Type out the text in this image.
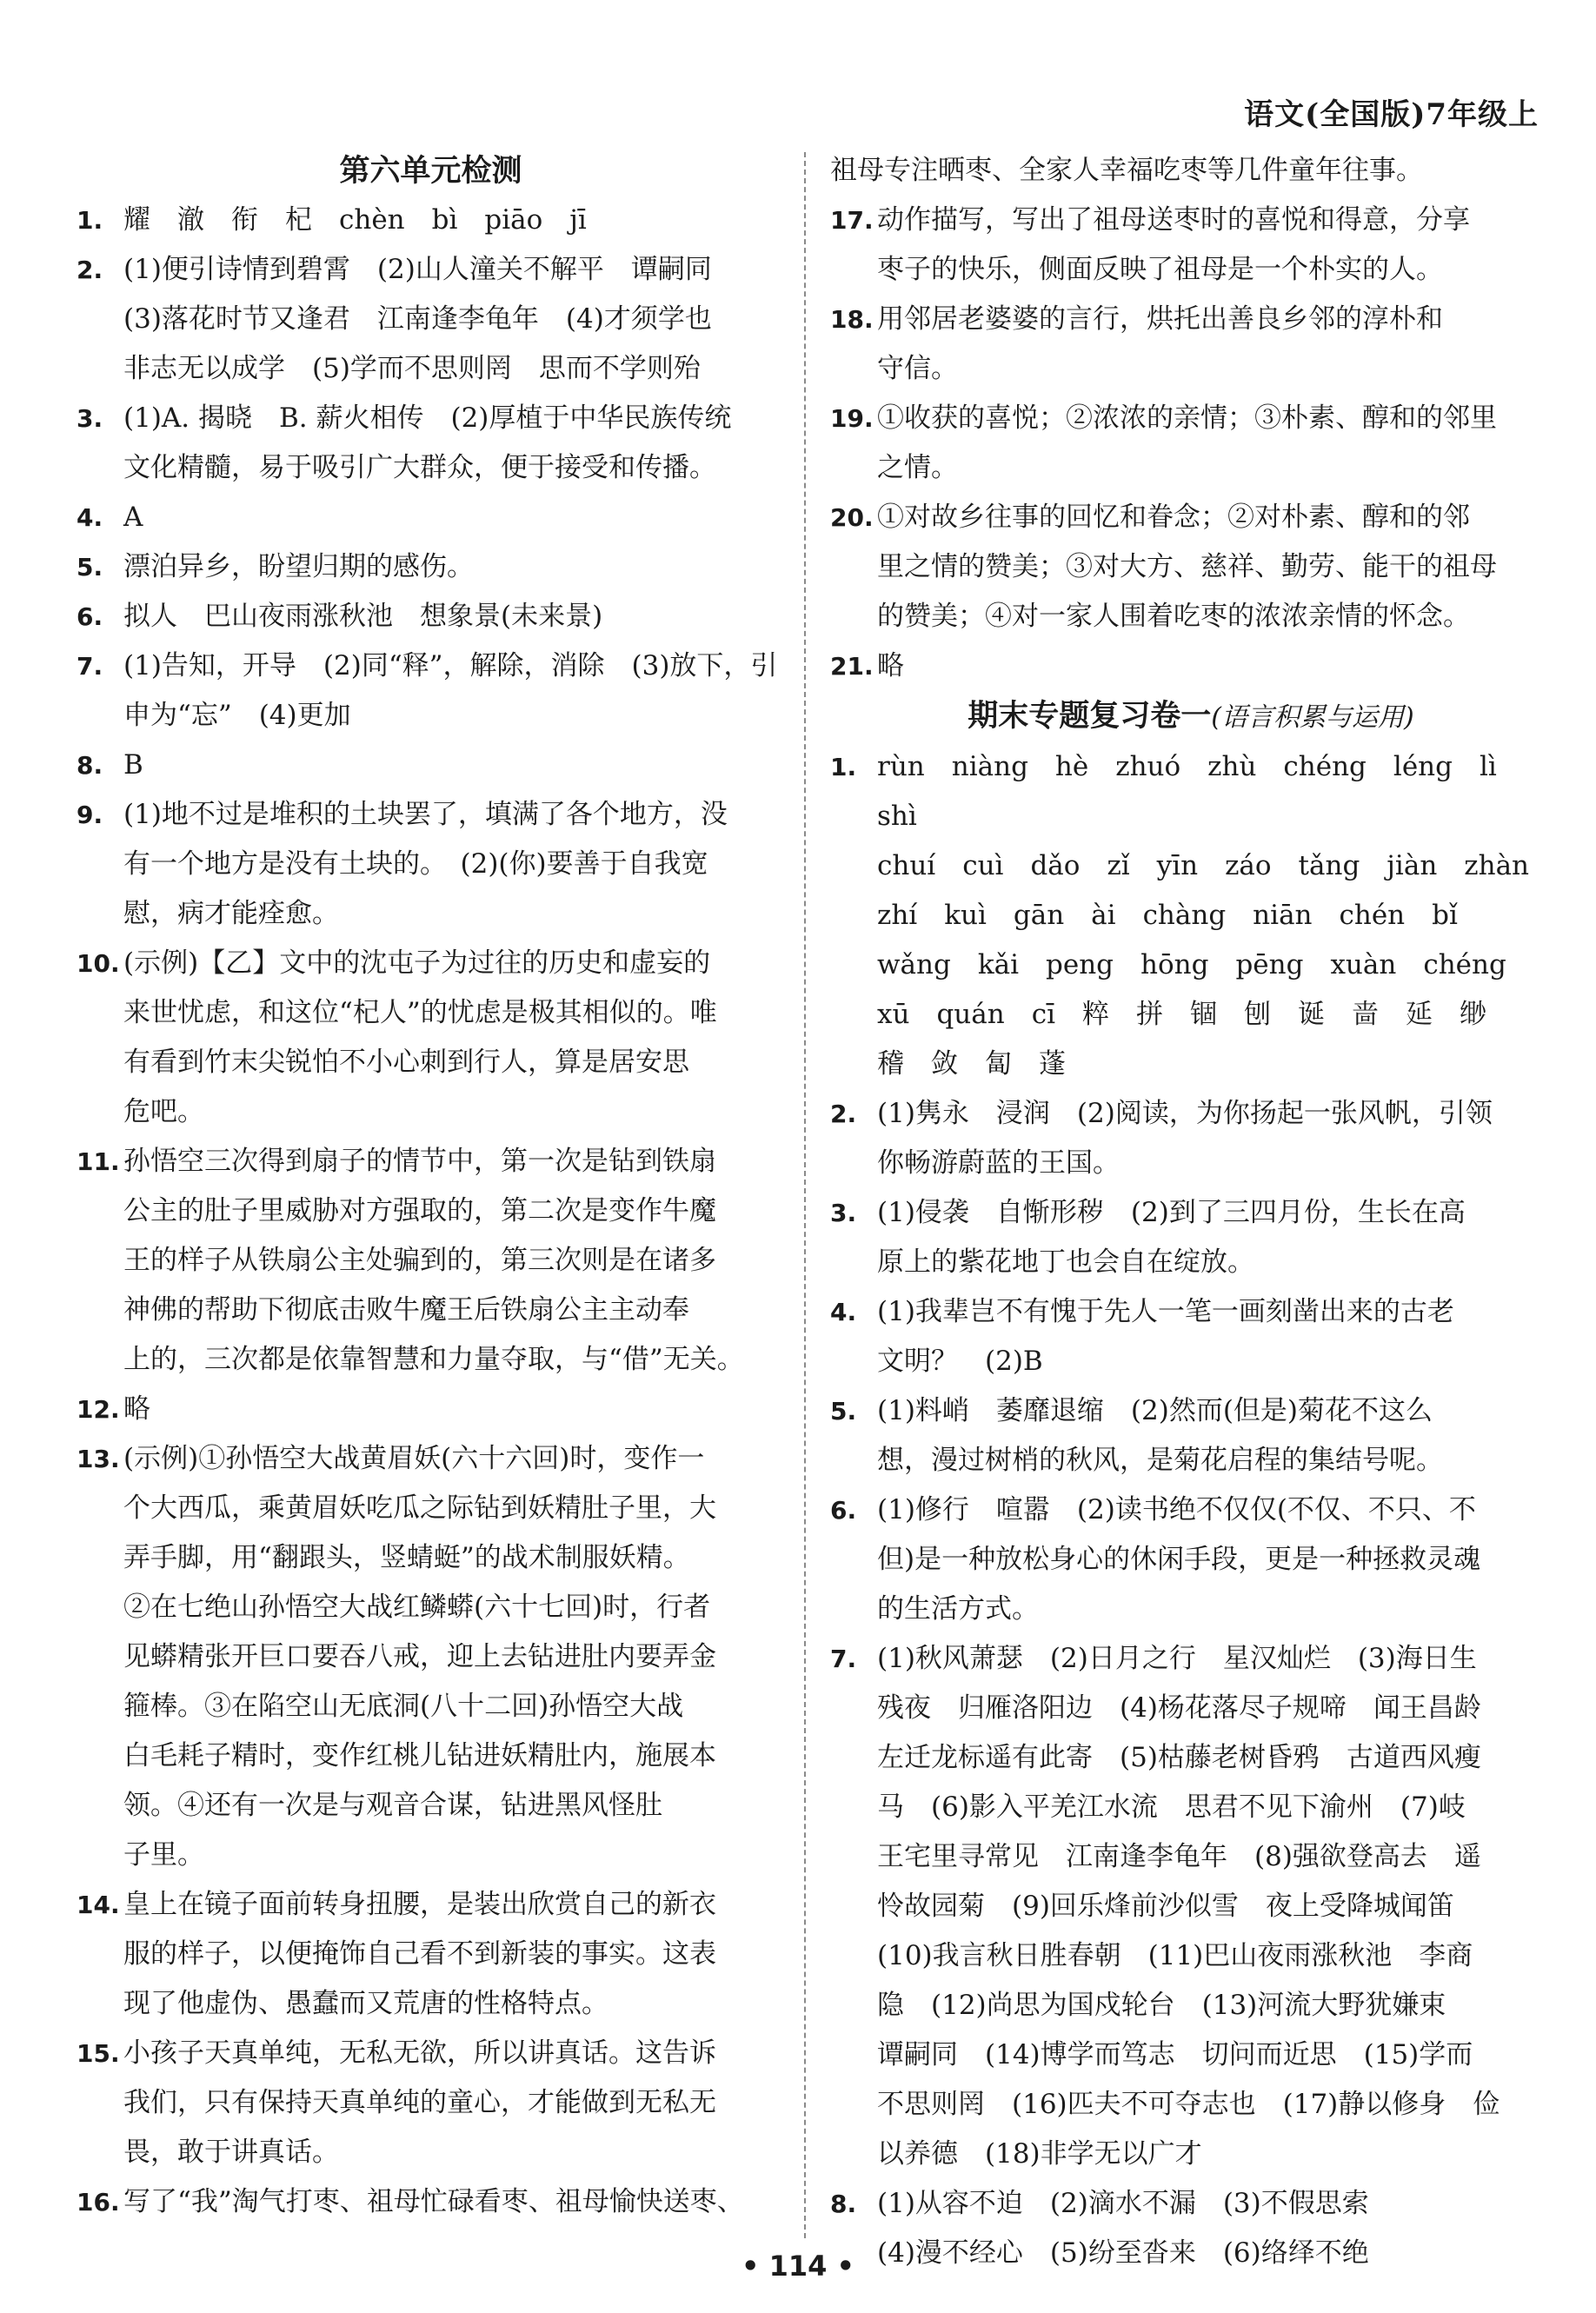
语文(全国版)7年级上
第六单元检测
1. 耀　澈　衔　杞　chèn　bì　piāo　jī
2. (1)便引诗情到碧霄　(2)山人潼关不解平　谭嗣同
(3)落花时节又逢君　江南逢李龟年　(4)才须学也
非志无以成学　(5)学而不思则罔　思而不学则殆
3. (1)A. 揭晓　B. 薪火相传　(2)厚植于中华民族传统
文化精髓，易于吸引广大群众，便于接受和传播。
4. A
5. 漂泊异乡，盼望归期的感伤。
6. 拟人　巴山夜雨涨秋池　想象景(未来景)
7. (1)告知，开导　(2)同“释”，解除，消除　(3)放下，引
申为“忘”　(4)更加
8. B
9. (1)地不过是堆积的土块罢了，填满了各个地方，没
有一个地方是没有土块的。　(2)(你)要善于自我宽
慰，病才能痊愈。
10. (示例)【乙】文中的沈屯子为过往的历史和虚妄的
来世忧虑，和这位“杞人”的忧虑是极其相似的。唯
有看到竹末尖锐怕不小心刺到行人，算是居安思
危吧。
11. 孙悟空三次得到扇子的情节中，第一次是钻到铁扇
公主的肚子里威胁对方强取的，第二次是变作牛魔
王的样子从铁扇公主处骗到的，第三次则是在诸多
神佛的帮助下彻底击败牛魔王后铁扇公主主动奉
上的，三次都是依靠智慧和力量夺取，与“借”无关。
12. 略
13. (示例)①孙悟空大战黄眉妖(六十六回)时，变作一
个大西瓜，乘黄眉妖吃瓜之际钻到妖精肚子里，大
弄手脚，用“翻跟头，竖蜻蜓”的战术制服妖精。
②在七绝山孙悟空大战红鳞蟒(六十七回)时，行者
见蟒精张开巨口要吞八戒，迎上去钻进肚内要弄金
箍棒。③在陷空山无底洞(八十二回)孙悟空大战
白毛耗子精时，变作红桃儿钻进妖精肚内，施展本
领。④还有一次是与观音合谋，钻进黑风怪肚
子里。
14. 皇上在镜子面前转身扭腰，是装出欣赏自己的新衣
服的样子，以便掩饰自己看不到新装的事实。这表
现了他虚伪、愚蠢而又荒唐的性格特点。
15. 小孩子天真单纯，无私无欲，所以讲真话。这告诉
我们，只有保持天真单纯的童心，才能做到无私无
畏，敢于讲真话。
16. 写了“我”淘气打枣、祖母忙碌看枣、祖母愉快送枣、
祖母专注晒枣、全家人幸福吃枣等几件童年往事。
17. 动作描写，写出了祖母送枣时的喜悦和得意，分享
枣子的快乐，侧面反映了祖母是一个朴实的人。
18. 用邻居老婆婆的言行，烘托出善良乡邻的淳朴和
守信。
19. ①收获的喜悦；②浓浓的亲情；③朴素、醇和的邻里
之情。
20. ①对故乡往事的回忆和眷念；②对朴素、醇和的邻
里之情的赞美；③对大方、慈祥、勤劳、能干的祖母
的赞美；④对一家人围着吃枣的浓浓亲情的怀念。
21. 略
期末专题复习卷一(语言积累与运用)
1. rùn　niàng　hè　zhuó　zhù　chéng　léng　lì　shì
chuí　cuì　dǎo　zǐ　yīn　záo　tǎng　jiàn　zhàn
zhí　kuì　gān　ài　chàng　niān　chén　bǐ
wǎng　kǎi　peng　hōng　pēng　xuàn　chéng
xū　quán　cī　粹　拼　锢　刨　诞　啬　延　缈
稽　敛　匐　蓬
2. (1)隽永　浸润　(2)阅读，为你扬起一张风帆，引领
你畅游蔚蓝的王国。
3. (1)侵袭　自惭形秽　(2)到了三四月份，生长在高
原上的紫花地丁也会自在绽放。
4. (1)我辈岂不有愧于先人一笔一画刻凿出来的古老
文明？　(2)B
5. (1)料峭　萎靡退缩　(2)然而(但是)菊花不这么
想，漫过树梢的秋风，是菊花启程的集结号呢。
6. (1)修行　喧嚣　(2)读书绝不仅仅(不仅、不只、不
但)是一种放松身心的休闲手段，更是一种拯救灵魂
的生活方式。
7. (1)秋风萧瑟　(2)日月之行　星汉灿烂　(3)海日生
残夜　归雁洛阳边　(4)杨花落尽子规啼　闻王昌龄
左迁龙标遥有此寄　(5)枯藤老树昏鸦　古道西风瘦
马　(6)影入平羌江水流　思君不见下渝州　(7)岐
王宅里寻常见　江南逢李龟年　(8)强欲登高去　遥
怜故园菊　(9)回乐烽前沙似雪　夜上受降城闻笛
(10)我言秋日胜春朝　(11)巴山夜雨涨秋池　李商
隐　(12)尚思为国戍轮台　(13)河流大野犹嫌束
谭嗣同　(14)博学而笃志　切问而近思　(15)学而
不思则罔　(16)匹夫不可夺志也　(17)静以修身　俭
以养德　(18)非学无以广才
8. (1)从容不迫　(2)滴水不漏　(3)不假思索
(4)漫不经心　(5)纷至沓来　(6)络绎不绝
• 114 •
